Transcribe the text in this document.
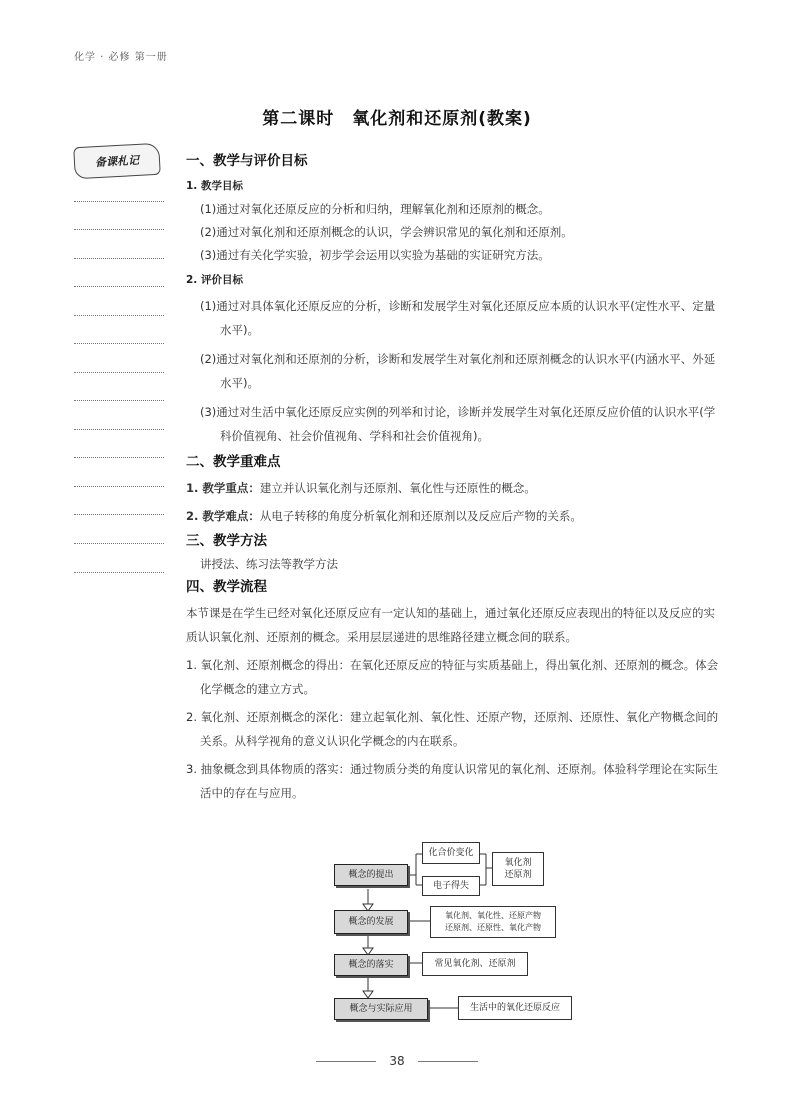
化学 · 必修 第一册
第二课时　氧化剂和还原剂(教案)
备课札记	一、教学与评价目标
1. 教学目标
(1)通过对氧化还原反应的分析和归纳，理解氧化剂和还原剂的概念。
(2)通过对氧化剂和还原剂概念的认识，学会辨识常见的氧化剂和还原剂。
(3)通过有关化学实验，初步学会运用以实验为基础的实证研究方法。
2. 评价目标
(1)通过对具体氧化还原反应的分析，诊断和发展学生对氧化还原反应本质的认识水平(定性水平、定量水平)。
(2)通过对氧化剂和还原剂的分析，诊断和发展学生对氧化剂和还原剂概念的认识水平(内涵水平、外延水平)。
(3)通过对生活中氧化还原反应实例的列举和讨论，诊断并发展学生对氧化还原反应价值的认识水平(学科价值视角、社会价值视角、学科和社会价值视角)。
二、教学重难点
1. 教学重点：建立并认识氧化剂与还原剂、氧化性与还原性的概念。
2. 教学难点：从电子转移的角度分析氧化剂和还原剂以及反应后产物的关系。
三、教学方法
讲授法、练习法等教学方法
四、教学流程
本节课是在学生已经对氧化还原反应有一定认知的基础上，通过氧化还原反应表现出的特征以及反应的实质认识氧化剂、还原剂的概念。采用层层递进的思维路径建立概念间的联系。
1. 氧化剂、还原剂概念的得出：在氧化还原反应的特征与实质基础上，得出氧化剂、还原剂的概念。体会化学概念的建立方式。
2. 氧化剂、还原剂概念的深化：建立起氧化剂、氧化性、还原产物，还原剂、还原性、氧化产物概念间的关系。从科学视角的意义认识化学概念的内在联系。
3. 抽象概念到具体物质的落实：通过物质分类的角度认识常见的氧化剂、还原剂。体验科学理论在实际生活中的存在与应用。
概念的提出
化合价变化
电子得失
氧化剂
还原剂
概念的发展
氧化剂、氧化性、还原产物
还原剂、还原性、氧化产物
概念的落实	常见氧化剂、还原剂
概念与实际应用	生活中的氧化还原反应
38
